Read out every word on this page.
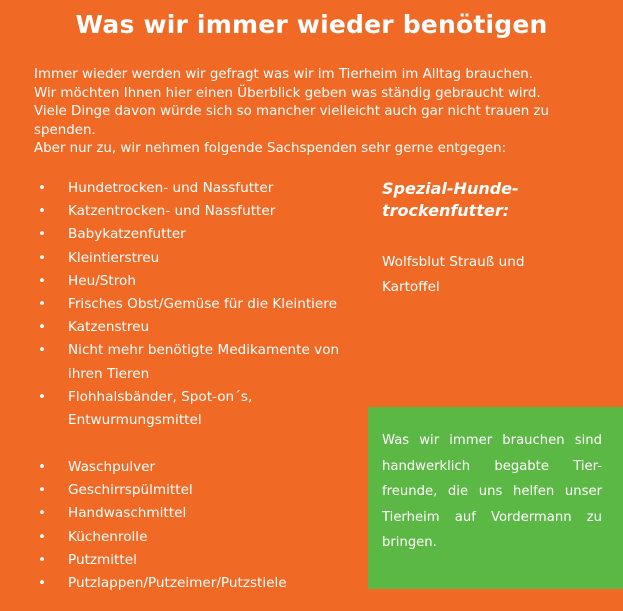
Was wir immer wieder benötigen

Immer wieder werden wir gefragt was wir im Tierheim im Alltag brauchen.

Wir möchten Ihnen hier einen Überblick geben was ständig gebraucht wird.

Viele Dinge davon würde sich so mancher vielleicht auch gar nicht trauen zu spenden.

Aber nur zu, wir nehmen folgende Sachspenden sehr gerne entgegen:

• Hundetrocken- und Nassfutter
• Katzentrocken- und Nassfutter
• Babykatzenfutter
• Kleintierstreu
• Heu/Stroh
• Frisches Obst/Gemüse für die Kleintiere
• Katzenstreu
• Nicht mehr benötigte Medikamente von ihren Tieren
• Flohhalsbänder, Spot-on´s, Entwurmungsmittel
• Waschpulver
• Geschirrspülmittel
• Handwaschmittel
• Küchenrolle
• Putzmittel
• Putzlappen/Putzeimer/Putzstiele
Spezial-Hunde-trockenfutter:
Wolfsblut Strauß und Kartoffel
Was wir immer brauchen sind handwerklich begabte Tier-freunde, die uns helfen unser Tierheim auf Vordermann zu bringen.
